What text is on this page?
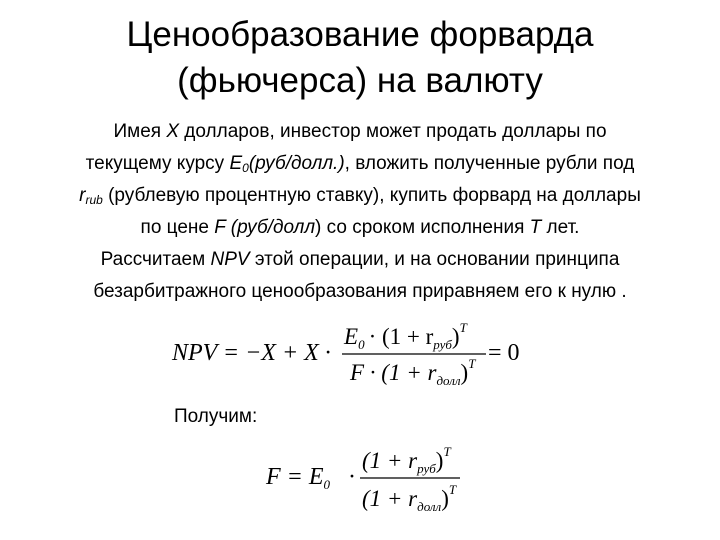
Ценообразование форварда
(фьючерса) на валюту
Имея X долларов, инвестор может продать доллары по
текущему курсу $E_0(руб/долл.)$, вложить полученные рубли под
$r_{rub}$ (рублевую процентную ставку), купить форвард на доллары
по цене F (руб/долл) со сроком исполнения T лет.
Рассчитаем NPV этой операции, и на основании принципа
безарбитражного ценообразования приравняем его к нулю .
NPV = −X + X ·
$E_0 \cdot (1 + r_{руб})^T$
$F \cdot (1 + r_{долл})^T = 0$
Получим:
$F = E_0$ ·
$(1 + r_{руб})^T$
$(1 + r_{долл})^T$
